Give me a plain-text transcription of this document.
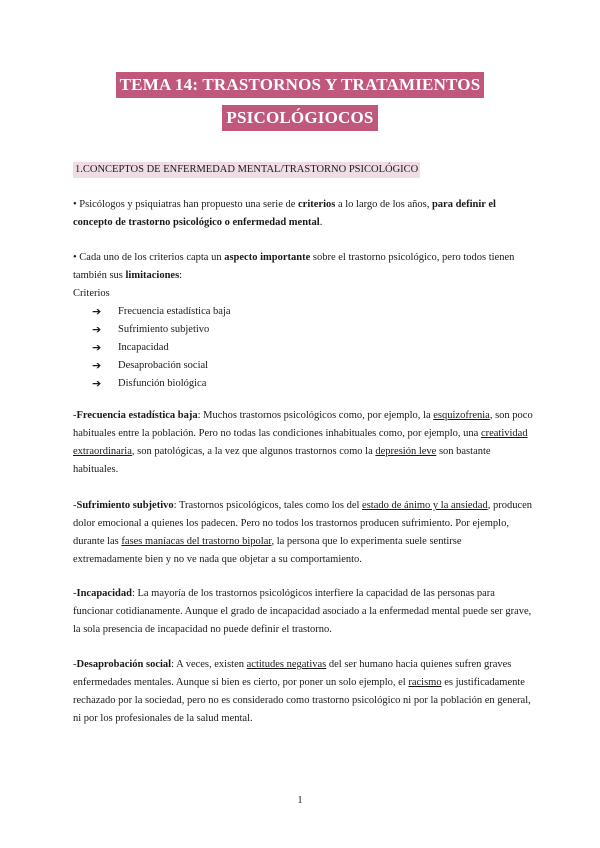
TEMA 14: TRASTORNOS Y TRATAMIENTOS
PSICOLÓGIOCOS
1.CONCEPTOS DE ENFERMEDAD MENTAL/TRASTORNO PSICOLÓGICO

• Psicólogos y psiquiatras han propuesto una serie de criterios a lo largo de los años, para definir el concepto de trastorno psicológico o enfermedad mental.

• Cada uno de los criterios capta un aspecto importante sobre el trastorno psicológico, pero todos tienen también sus limitaciones:

Criterios
➔	Frecuencia estadística baja
➔	Sufrimiento subjetivo
➔	Incapacidad
➔	Desaprobación social
➔	Disfunción biológica

-Frecuencia estadística baja: Muchos trastornos psicológicos como, por ejemplo, la esquizofrenia, son poco habituales entre la población. Pero no todas las condiciones inhabituales como, por ejemplo, una creatividad extraordinaria, son patológicas, a la vez que algunos trastornos como la depresión leve son bastante habituales.

-Sufrimiento subjetivo: Trastornos psicológicos, tales como los del estado de ánimo y la ansiedad, producen dolor emocional a quienes los padecen. Pero no todos los trastornos producen sufrimiento. Por ejemplo, durante las fases maníacas del trastorno bipolar, la persona que lo experimenta suele sentirse extremadamente bien y no ve nada que objetar a su comportamiento.

-Incapacidad: La mayoría de los trastornos psicológicos interfiere la capacidad de las personas para funcionar cotidianamente. Aunque el grado de incapacidad asociado a la enfermedad mental puede ser grave, la sola presencia de incapacidad no puede definir el trastorno.

-Desaprobación social: A veces, existen actitudes negativas del ser humano hacia quienes sufren graves enfermedades mentales. Aunque si bien es cierto, por poner un solo ejemplo, el racismo es justificadamente rechazado por la sociedad, pero no es considerado como trastorno psicológico ni por la población en general, ni por los profesionales de la salud mental.

1
